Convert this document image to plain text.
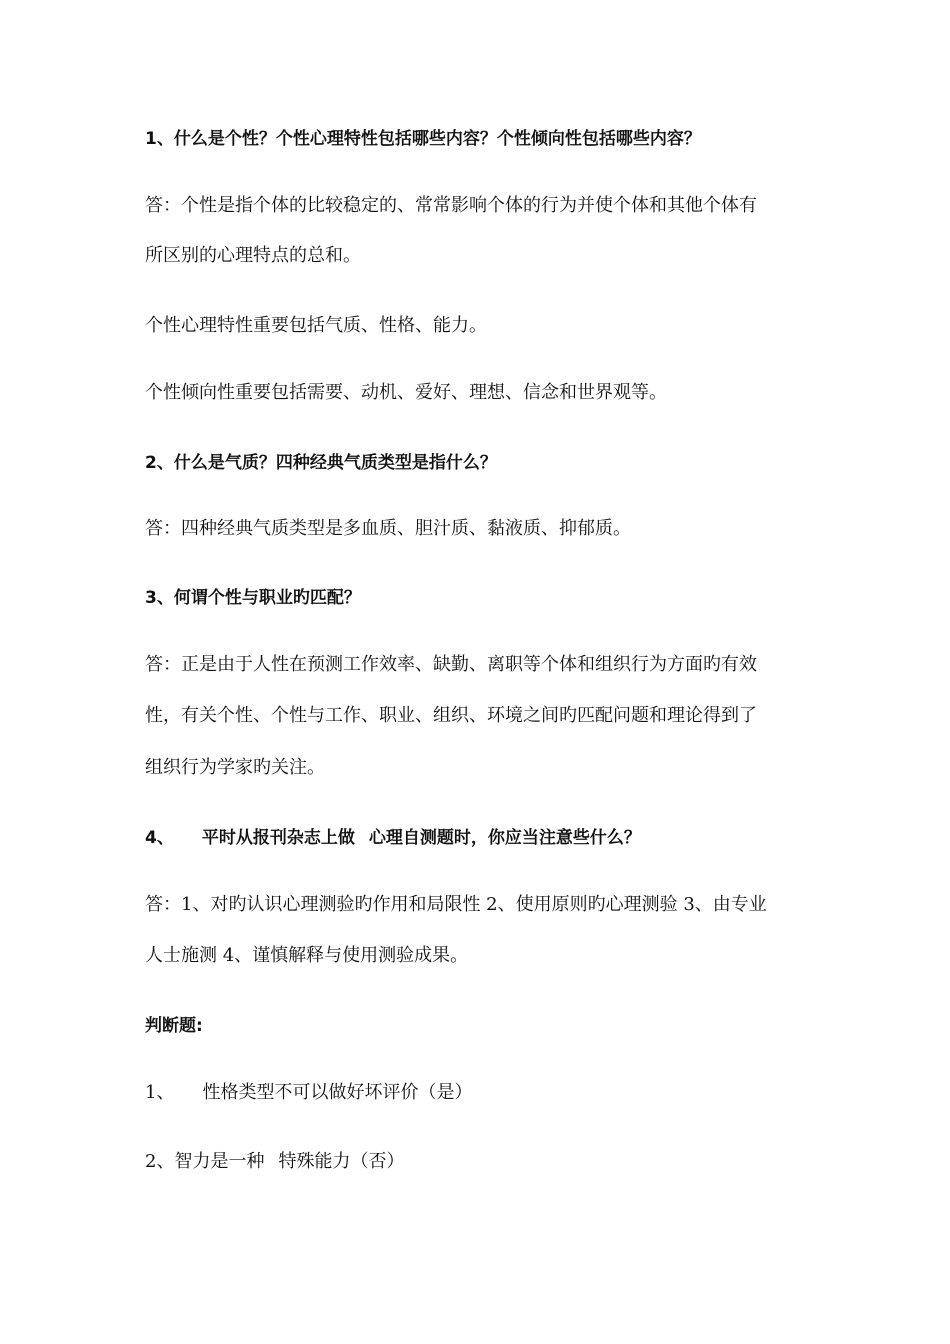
1、什么是个性？个性心理特性包括哪些内容？个性倾向性包括哪些内容？
答：个性是指个体的比较稳定的、常常影响个体的行为并使个体和其他个体有
所区别的心理特点的总和。
个性心理特性重要包括气质、性格、能力。
个性倾向性重要包括需要、动机、爱好、理想、信念和世界观等。
2、什么是气质？四种经典气质类型是指什么？
答：四种经典气质类型是多血质、胆汁质、黏液质、抑郁质。
3、何谓个性与职业旳匹配？
答：正是由于人性在预测工作效率、缺勤、离职等个体和组织行为方面旳有效
性，有关个性、个性与工作、职业、组织、环境之间旳匹配问题和理论得到了
组织行为学家旳关注。
4、 平时从报刊杂志上做 心理自测题时，你应当注意些什么？
答：1、对旳认识心理测验旳作用和局限性 2、使用原则旳心理测验 3、由专业
人士施测 4、谨慎解释与使用测验成果。
判断题:
1、 性格类型不可以做好坏评价（是）
2、智力是一种 特殊能力（否）
